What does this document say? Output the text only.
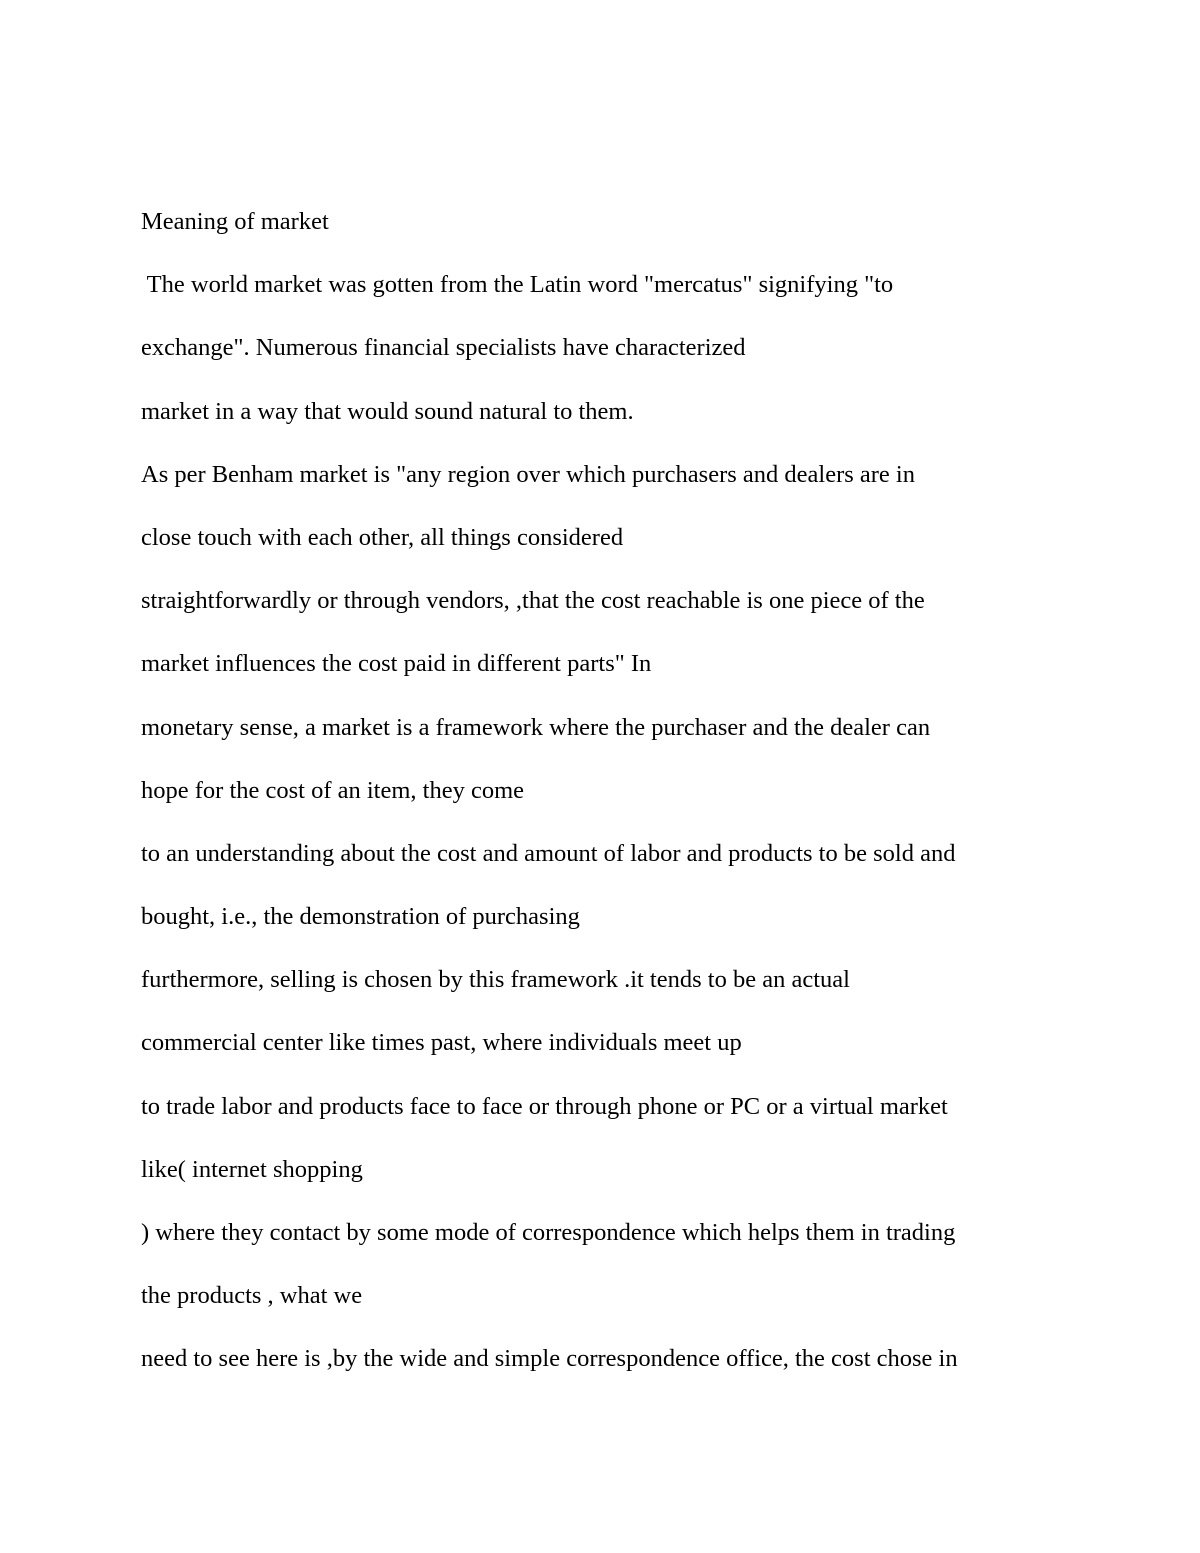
Meaning of market
The world market was gotten from the Latin word "mercatus" signifying "to
exchange". Numerous financial specialists have characterized
market in a way that would sound natural to them.
As per Benham market is "any region over which purchasers and dealers are in
close touch with each other, all things considered
straightforwardly or through vendors, ,that the cost reachable is one piece of the
market influences the cost paid in different parts" In
monetary sense, a market is a framework where the purchaser and the dealer can
hope for the cost of an item, they come
to an understanding about the cost and amount of labor and products to be sold and
bought, i.e., the demonstration of purchasing
furthermore, selling is chosen by this framework .it tends to be an actual
commercial center like times past, where individuals meet up
to trade labor and products face to face or through phone or PC or a virtual market
like( internet shopping
) where they contact by some mode of correspondence which helps them in trading
the products , what we
need to see here is ,by the wide and simple correspondence office, the cost chose in
